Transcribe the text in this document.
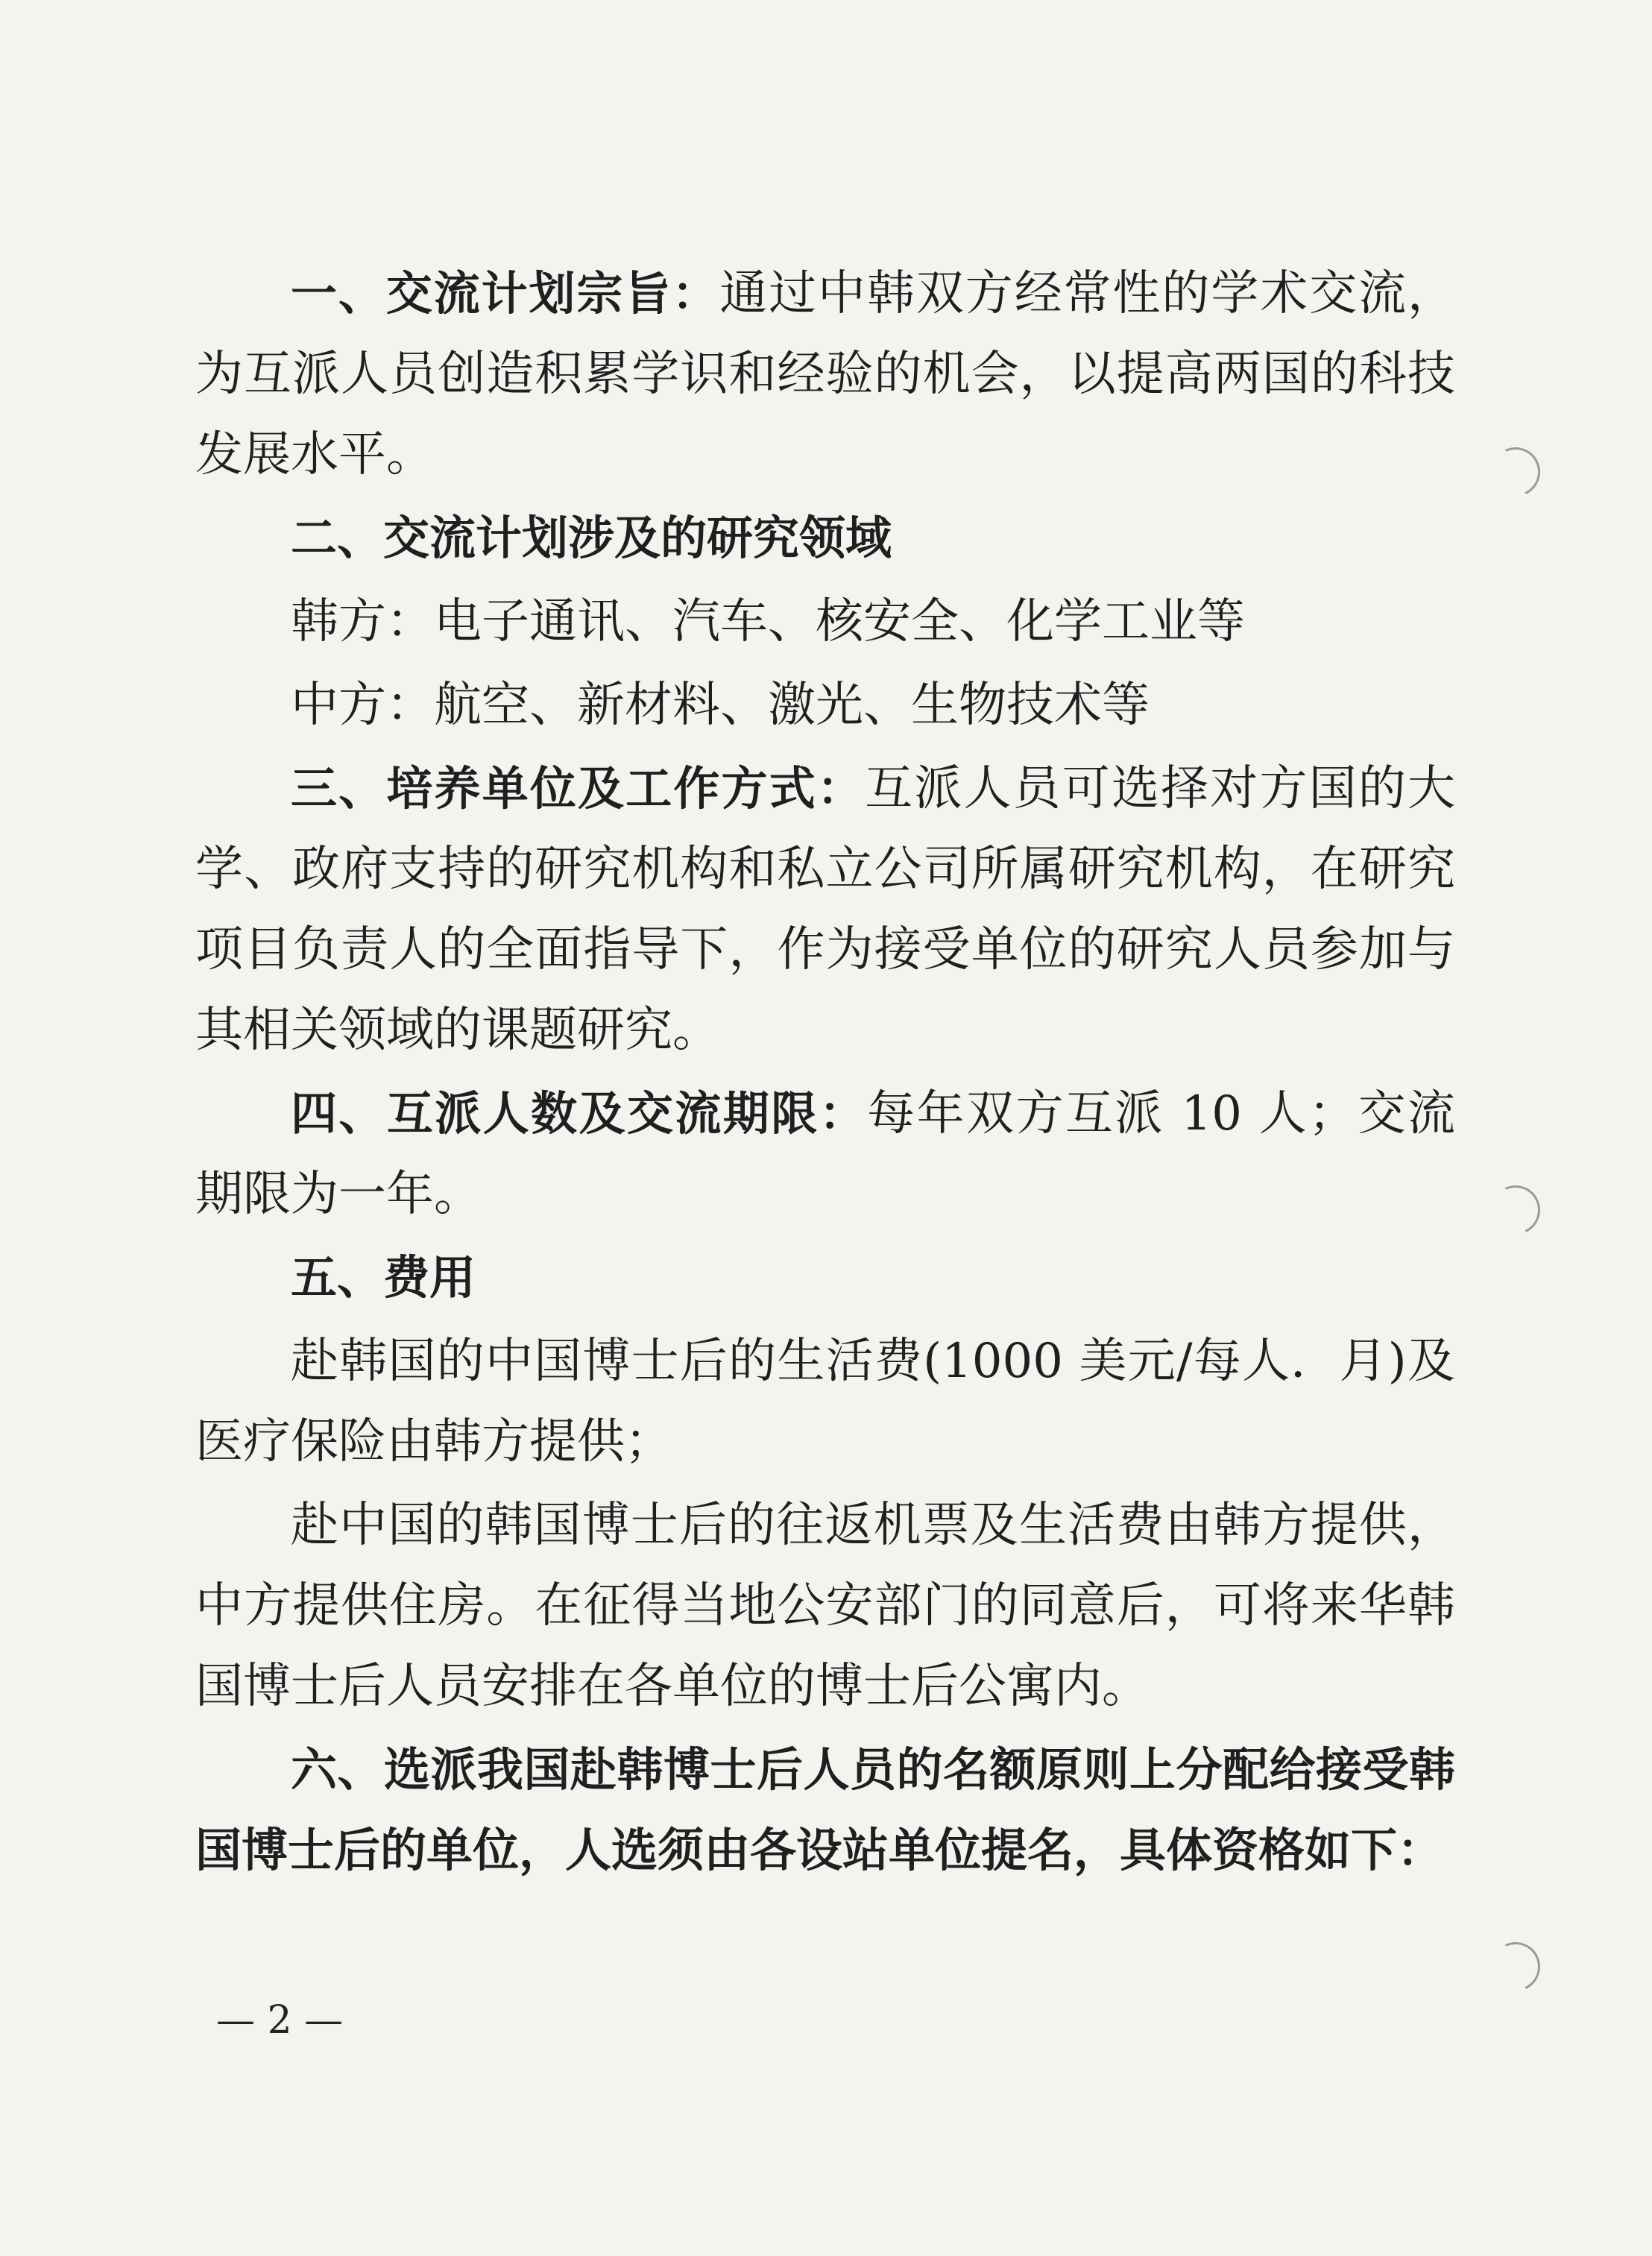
一、交流计划宗旨：通过中韩双方经常性的学术交流，为互派人员创造积累学识和经验的机会，以提高两国的科技发展水平。

二、交流计划涉及的研究领域

韩方：电子通讯、汽车、核安全、化学工业等

中方：航空、新材料、激光、生物技术等

三、培养单位及工作方式：互派人员可选择对方国的大学、政府支持的研究机构和私立公司所属研究机构，在研究项目负责人的全面指导下，作为接受单位的研究人员参加与其相关领域的课题研究。

四、互派人数及交流期限：每年双方互派 10 人；交流期限为一年。

五、费用

赴韩国的中国博士后的生活费(1000 美元/每人．月)及医疗保险由韩方提供；

赴中国的韩国博士后的往返机票及生活费由韩方提供，中方提供住房。在征得当地公安部门的同意后，可将来华韩国博士后人员安排在各单位的博士后公寓内。

六、选派我国赴韩博士后人员的名额原则上分配给接受韩国博士后的单位，人选须由各设站单位提名，具体资格如下：

— 2 —
